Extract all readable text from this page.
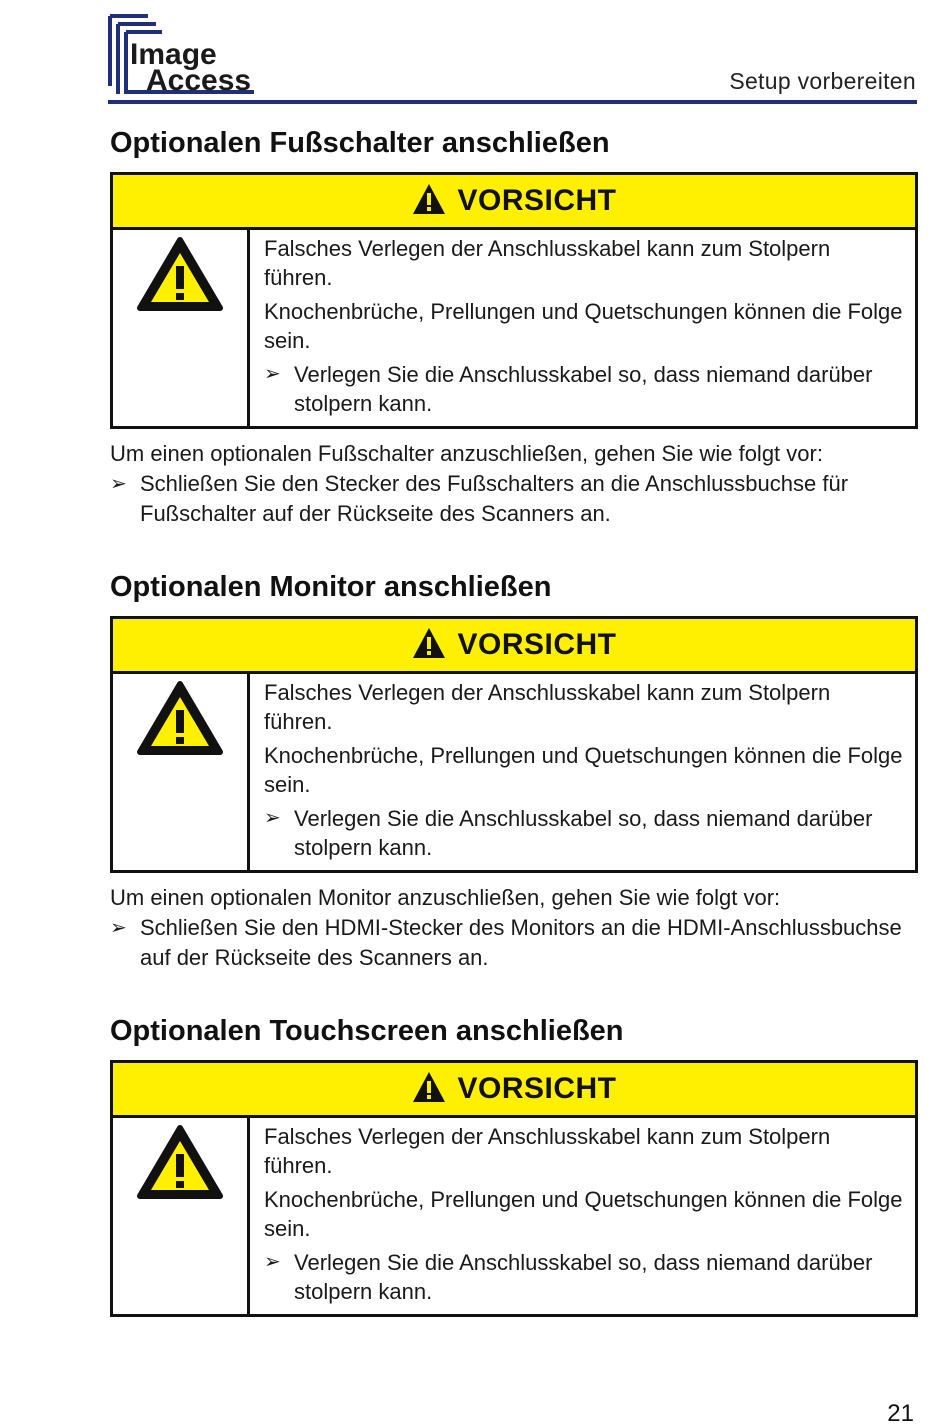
Image
Access	Setup vorbereiten
Optionalen Fußschalter anschließen
VORSICHT

Falsches Verlegen der Anschlusskabel kann zum Stolpern führen.

Knochenbrüche, Prellungen und Quetschungen können die Folge sein.

➢ Verlegen Sie die Anschlusskabel so, dass niemand darüber stolpern kann.

Um einen optionalen Fußschalter anzuschließen, gehen Sie wie folgt vor:

➢ Schließen Sie den Stecker des Fußschalters an die Anschlussbuchse für Fußschalter auf der Rückseite des Scanners an.
Optionalen Monitor anschließen
VORSICHT

Falsches Verlegen der Anschlusskabel kann zum Stolpern führen.

Knochenbrüche, Prellungen und Quetschungen können die Folge sein.

➢ Verlegen Sie die Anschlusskabel so, dass niemand darüber stolpern kann.

Um einen optionalen Monitor anzuschließen, gehen Sie wie folgt vor:

➢ Schließen Sie den HDMI-Stecker des Monitors an die HDMI-Anschlussbuchse auf der Rückseite des Scanners an.
Optionalen Touchscreen anschließen
VORSICHT

Falsches Verlegen der Anschlusskabel kann zum Stolpern führen.

Knochenbrüche, Prellungen und Quetschungen können die Folge sein.

➢ Verlegen Sie die Anschlusskabel so, dass niemand darüber stolpern kann.
21
